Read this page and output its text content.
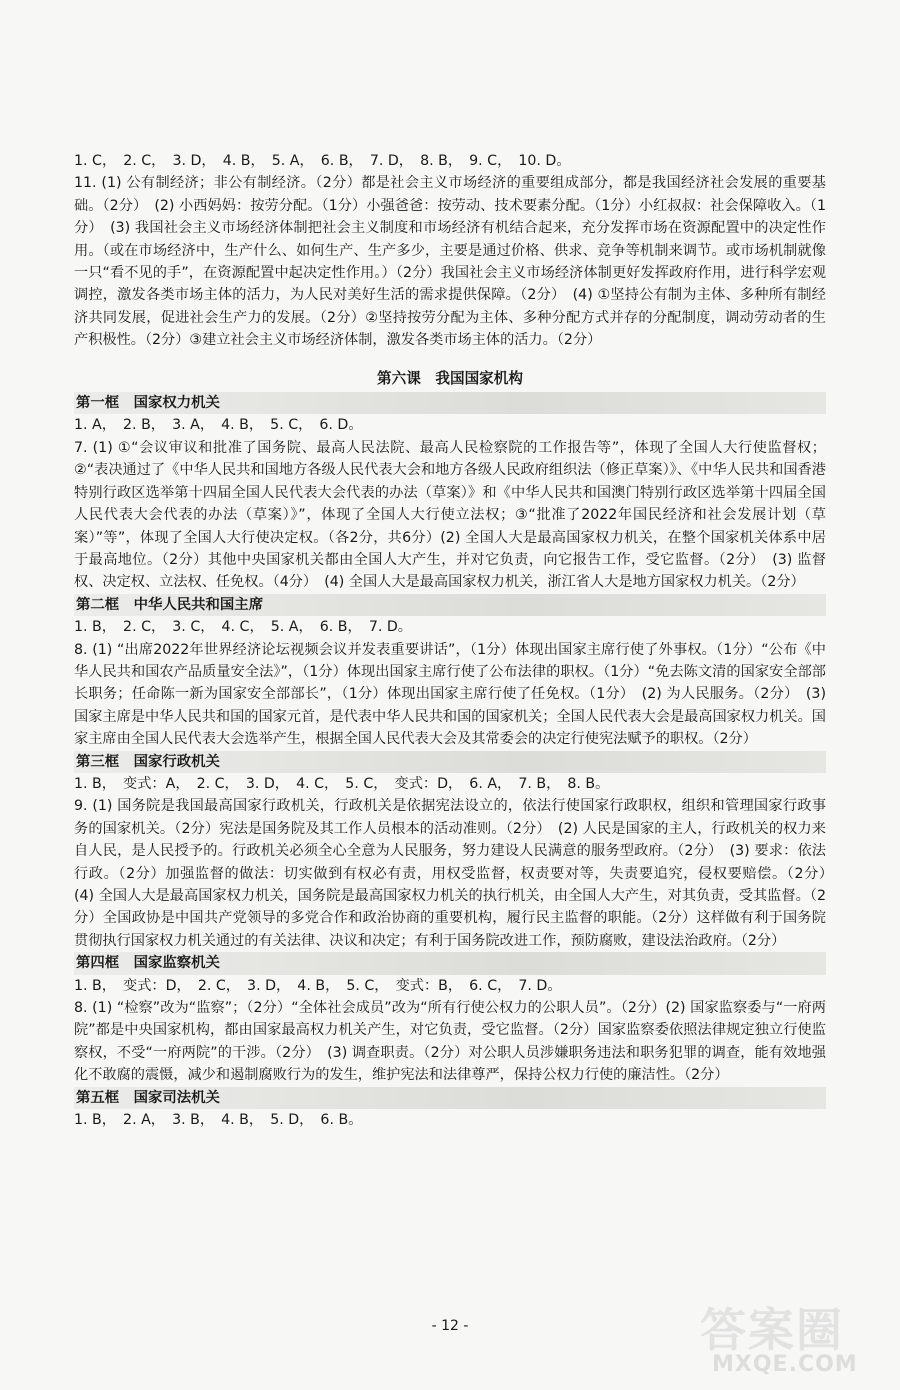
1. C，　2. C，　3. D，　4. B，　5. A，　6. B，　7. D，　8. B，　9. C，　10. D。

11. (1) 公有制经济；非公有制经济。（2分）都是社会主义市场经济的重要组成部分，都是我国经济社会发展的重要基础。（2分）　(2) 小西妈妈：按劳分配。（1分）小强爸爸：按劳动、技术要素分配。（1分）小红叔叔：社会保障收入。（1分）　(3) 我国社会主义市场经济体制把社会主义制度和市场经济有机结合起来，充分发挥市场在资源配置中的决定性作用。（或在市场经济中，生产什么、如何生产、生产多少，主要是通过价格、供求、竞争等机制来调节。或市场机制就像一只“看不见的手”，在资源配置中起决定性作用。）（2分）我国社会主义市场经济体制更好发挥政府作用，进行科学宏观调控，激发各类市场主体的活力，为人民对美好生活的需求提供保障。（2分）　(4) ①坚持公有制为主体、多种所有制经济共同发展，促进社会生产力的发展。（2分）②坚持按劳分配为主体、多种分配方式并存的分配制度，调动劳动者的生产积极性。（2分）③建立社会主义市场经济体制，激发各类市场主体的活力。（2分）

第六课　我国国家机构

第一框　国家权力机关

1. A，　2. B，　3. A，　4. B，　5. C，　6. D。

7. (1) ①“会议审议和批准了国务院、最高人民法院、最高人民检察院的工作报告等”，体现了全国人大行使监督权；②“表决通过了《中华人民共和国地方各级人民代表大会和地方各级人民政府组织法（修正草案）》、《中华人民共和国香港特别行政区选举第十四届全国人民代表大会代表的办法（草案）》和《中华人民共和国澳门特别行政区选举第十四届全国人民代表大会代表的办法（草案）》”，体现了全国人大行使立法权；③“批准了2022年国民经济和社会发展计划（草案）”等”，体现了全国人大行使决定权。（各2分，共6分）(2) 全国人大是最高国家权力机关，在整个国家机关体系中居于最高地位。（2分）其他中央国家机关都由全国人大产生，并对它负责，向它报告工作，受它监督。（2分）　(3) 监督权、决定权、立法权、任免权。（4分）　(4) 全国人大是最高国家权力机关，浙江省人大是地方国家权力机关。（2分）

第二框　中华人民共和国主席

1. B，　2. C，　3. C，　4. C，　5. A，　6. B，　7. D。

8. (1) “出席2022年世界经济论坛视频会议并发表重要讲话”，（1分）体现出国家主席行使了外事权。（1分）“公布《中华人民共和国农产品质量安全法》”，（1分）体现出国家主席行使了公布法律的职权。（1分）“免去陈文清的国家安全部部长职务；任命陈一新为国家安全部部长”，（1分）体现出国家主席行使了任免权。（1分）　(2) 为人民服务。（2分）　(3) 国家主席是中华人民共和国的国家元首，是代表中华人民共和国的国家机关；全国人民代表大会是最高国家权力机关。国家主席由全国人民代表大会选举产生，根据全国人民代表大会及其常委会的决定行使宪法赋予的职权。（2分）

第三框　国家行政机关

1. B，　变式：A，　2. C，　3. D，　4. C，　5. C，　变式：D，　6. A，　7. B，　8. B。

9. (1) 国务院是我国最高国家行政机关，行政机关是依据宪法设立的，依法行使国家行政职权，组织和管理国家行政事务的国家机关。（2分）宪法是国务院及其工作人员根本的活动准则。（2分）　(2) 人民是国家的主人，行政机关的权力来自人民，是人民授予的。行政机关必须全心全意为人民服务，努力建设人民满意的服务型政府。（2分）　(3) 要求：依法行政。（2分）加强监督的做法：切实做到有权必有责，用权受监督，权责要对等，失责要追究，侵权要赔偿。（2分）　(4) 全国人大是最高国家权力机关，国务院是最高国家权力机关的执行机关，由全国人大产生，对其负责，受其监督。（2分）全国政协是中国共产党领导的多党合作和政治协商的重要机构，履行民主监督的职能。（2分）这样做有利于国务院贯彻执行国家权力机关通过的有关法律、决议和决定；有利于国务院改进工作，预防腐败，建设法治政府。（2分）

第四框　国家监察机关

1. B，　变式：D，　2. C，　3. D，　4. B，　5. C，　变式：B，　6. C，　7. D。

8. (1) “检察”改为“监察”；（2分）“全体社会成员”改为“所有行使公权力的公职人员”。（2分）(2) 国家监察委与“一府两院”都是中央国家机构，都由国家最高权力机关产生，对它负责，受它监督。（2分）国家监察委依照法律规定独立行使监察权，不受“一府两院”的干涉。（2分）　(3) 调查职责。（2分）对公职人员涉嫌职务违法和职务犯罪的调查，能有效地强化不敢腐的震慑，减少和遏制腐败行为的发生，维护宪法和法律尊严，保持公权力行使的廉洁性。（2分）

第五框　国家司法机关

1. B，　2. A，　3. B，　4. B，　5. D，　6. B。

- 12 -	答案圈
MXQE.COM
